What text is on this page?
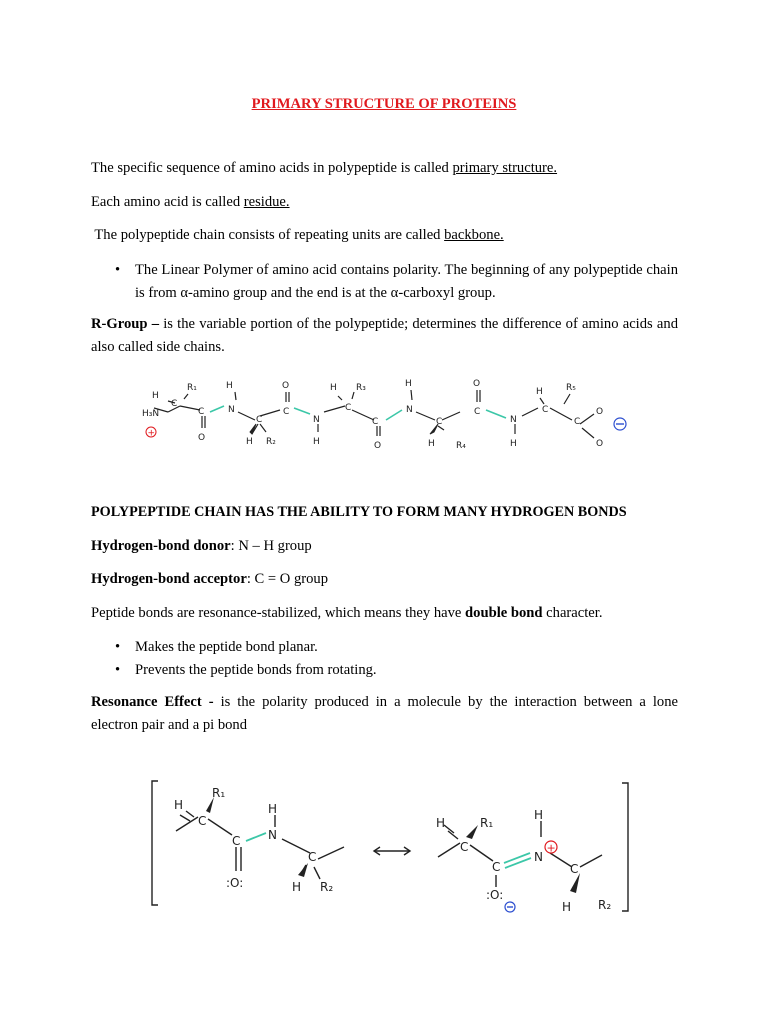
PRIMARY STRUCTURE OF PROTEINS
The specific sequence of amino acids in polypeptide is called primary structure.
Each amino acid is called residue.
The polypeptide chain consists of repeating units are called backbone.
• The Linear Polymer of amino acid contains polarity. The beginning of any polypeptide chain is from α-amino group and the end is at the α-carboxyl group.
R-Group – is the variable portion of the polypeptide; determines the difference of amino acids and also called side chains.
H
H₃N
C
R₁
C
O
H
N
C
H R₂
O
C
N
H
H
C
R₃
C
O
H
N
C
H R₄
O
C
N
H
H
C
R₅
C
O
O
+
POLYPEPTIDE CHAIN HAS THE ABILITY TO FORM MANY HYDROGEN BONDS
Hydrogen-bond donor: N – H group
Hydrogen-bond acceptor: C = O group
Peptide bonds are resonance-stabilized, which means they have double bond character.
• Makes the peptide bond planar.
• Prevents the peptide bonds from rotating.
Resonance Effect - is the polarity produced in a molecule by the interaction between a lone electron pair and a pi bond
H
R₁
C
C
:O:
H
N
C
H R₂
H	R₁
C
C
:O:
H
N
C
H R₂
+
